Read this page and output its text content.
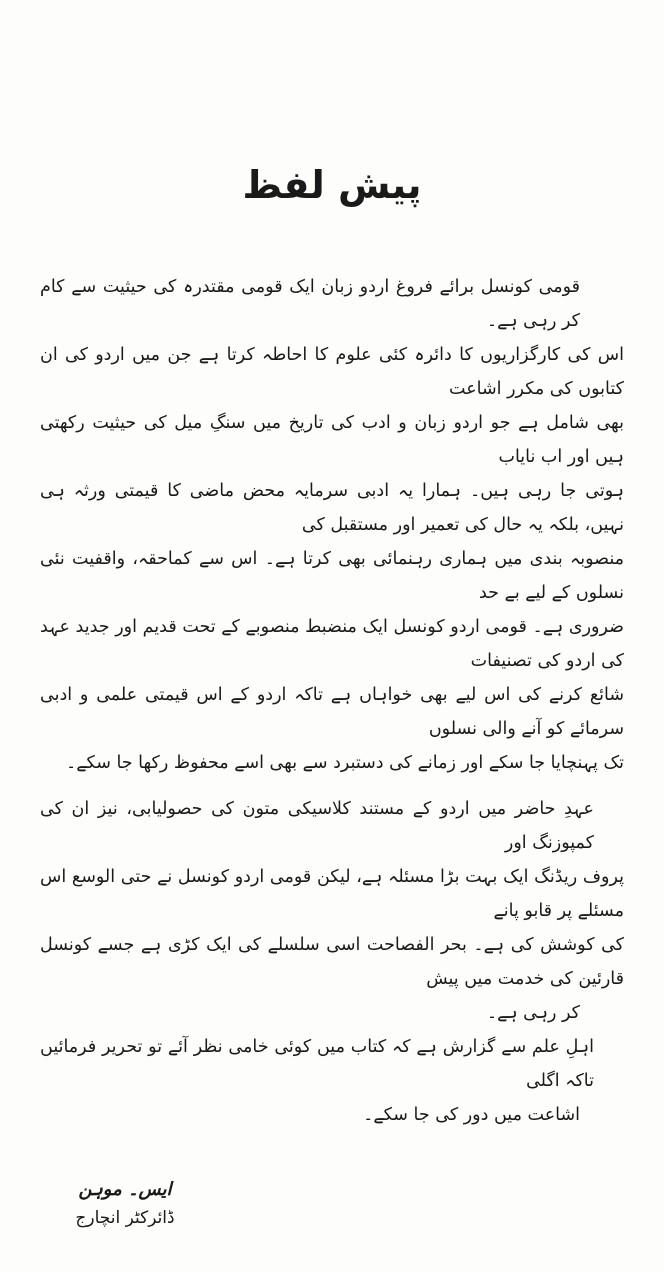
پیش لفظ
قومی کونسل برائے فروغ اردو زبان ایک قومی مقتدرہ کی حیثیت سے کام کر رہی ہے۔
اس کی کارگزاریوں کا دائرہ کئی علوم کا احاطہ کرتا ہے جن میں اردو کی ان کتابوں کی مکرر اشاعت
بھی شامل ہے جو اردو زبان و ادب کی تاریخ میں سنگِ میل کی حیثیت رکھتی ہیں اور اب نایاب
ہوتی جا رہی ہیں۔ ہمارا یہ ادبی سرمایہ محض ماضی کا قیمتی ورثہ ہی نہیں، بلکہ یہ حال کی تعمیر اور مستقبل کی
منصوبہ بندی میں ہماری رہنمائی بھی کرتا ہے۔ اس سے کماحقہ، واقفیت نئی نسلوں کے لیے بے حد
ضروری ہے۔ قومی اردو کونسل ایک منضبط منصوبے کے تحت قدیم اور جدید عہد کی اردو کی تصنیفات
شائع کرنے کی اس لیے بھی خواہاں ہے تاکہ اردو کے اس قیمتی علمی و ادبی سرمائے کو آنے والی نسلوں
تک پہنچایا جا سکے اور زمانے کی دستبرد سے بھی اسے محفوظ رکھا جا سکے۔
عہدِ حاضر میں اردو کے مستند کلاسیکی متون کی حصولیابی، نیز ان کی کمپوزنگ اور
پروف ریڈنگ ایک بہت بڑا مسئلہ ہے، لیکن قومی اردو کونسل نے حتی الوسع اس مسئلے پر قابو پانے
کی کوشش کی ہے۔ بحر الفصاحت اسی سلسلے کی ایک کڑی ہے جسے کونسل قارئین کی خدمت میں پیش
کر رہی ہے۔
اہلِ علم سے گزارش ہے کہ کتاب میں کوئی خامی نظر آئے تو تحریر فرمائیں تاکہ اگلی
اشاعت میں دور کی جا سکے۔
ایس۔ موہن
ڈائرکٹر انچارج
